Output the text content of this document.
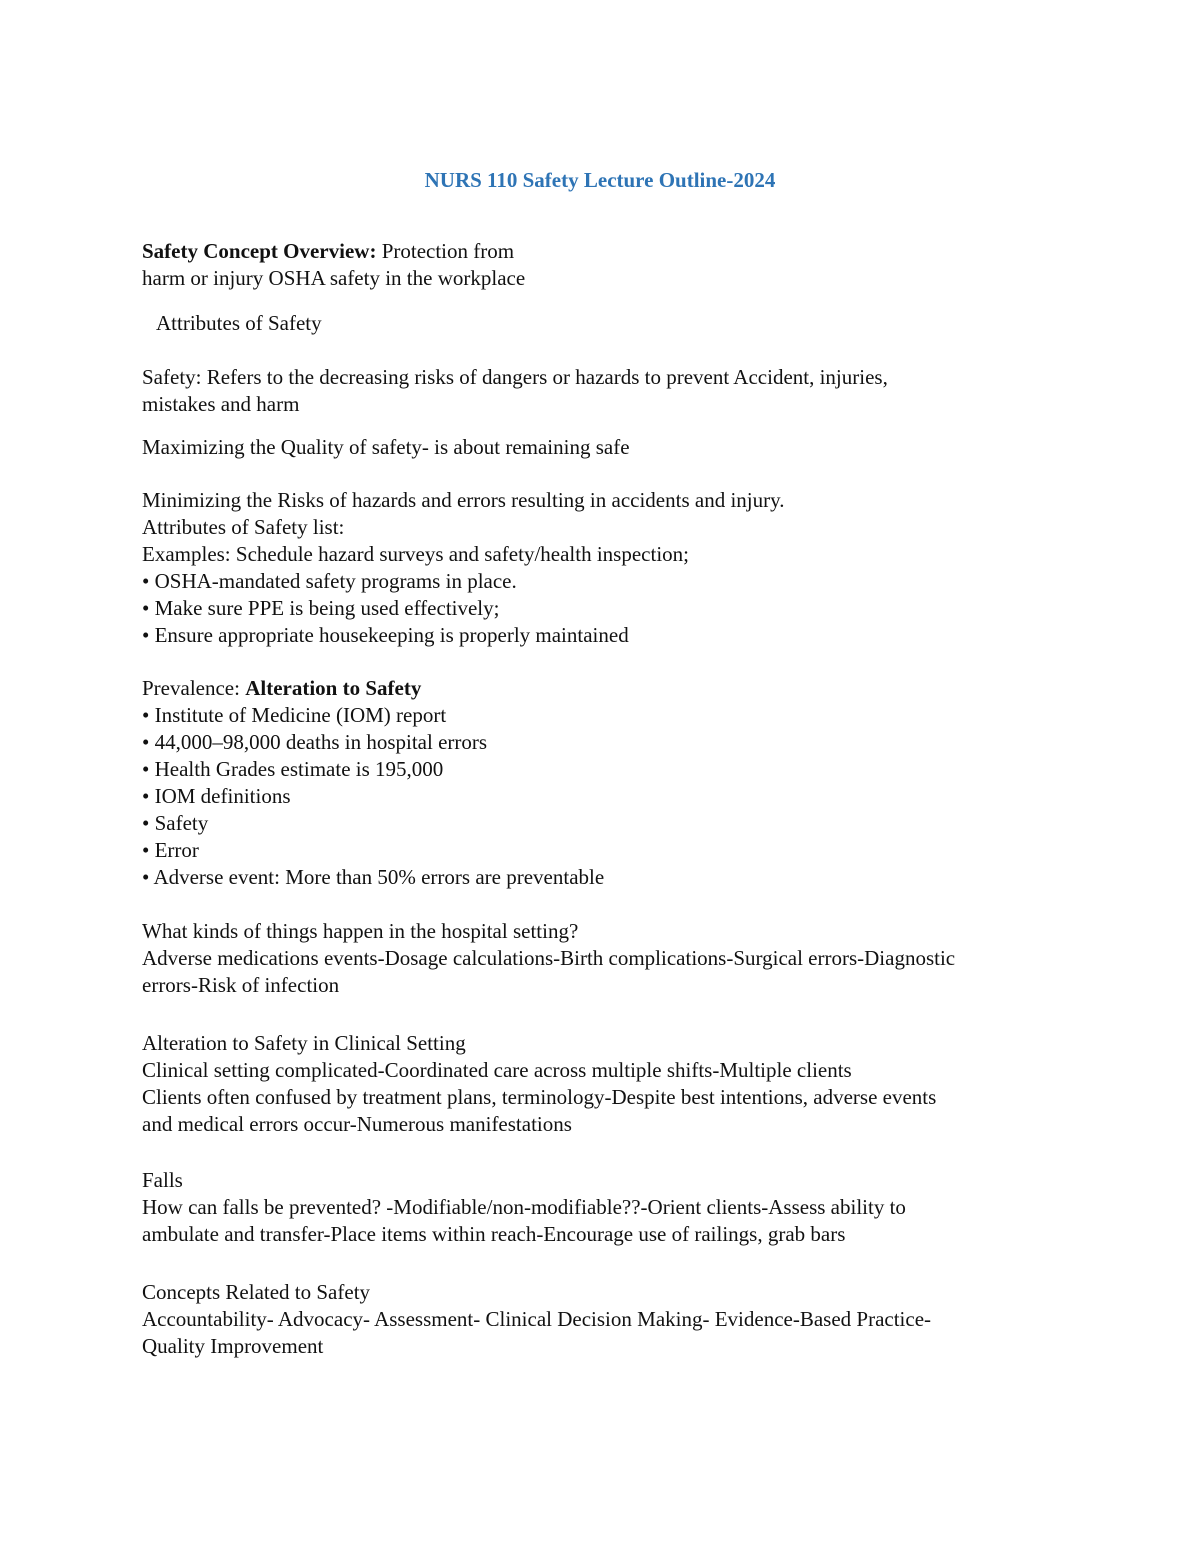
NURS 110 Safety Lecture Outline-2024
Safety Concept Overview: Protection from
harm or injury OSHA safety in the workplace
Attributes of Safety
Safety: Refers to the decreasing risks of dangers or hazards to prevent Accident, injuries,
mistakes and harm
Maximizing the Quality of safety- is about remaining safe
Minimizing the Risks of hazards and errors resulting in accidents and injury.
Attributes of Safety list:
Examples: Schedule hazard surveys and safety/health inspection;
• OSHA-mandated safety programs in place.
• Make sure PPE is being used effectively;
• Ensure appropriate housekeeping is properly maintained
Prevalence: Alteration to Safety
• Institute of Medicine (IOM) report
• 44,000–98,000 deaths in hospital errors
• Health Grades estimate is 195,000
• IOM definitions
• Safety
• Error
• Adverse event: More than 50% errors are preventable
What kinds of things happen in the hospital setting?
Adverse medications events-Dosage calculations-Birth complications-Surgical errors-Diagnostic
errors-Risk of infection
Alteration to Safety in Clinical Setting
Clinical setting complicated-Coordinated care across multiple shifts-Multiple clients
Clients often confused by treatment plans, terminology-Despite best intentions, adverse events
and medical errors occur-Numerous manifestations
Falls
How can falls be prevented? -Modifiable/non-modifiable??-Orient clients-Assess ability to
ambulate and transfer-Place items within reach-Encourage use of railings, grab bars
Concepts Related to Safety
Accountability- Advocacy- Assessment- Clinical Decision Making- Evidence-Based Practice-
Quality Improvement
